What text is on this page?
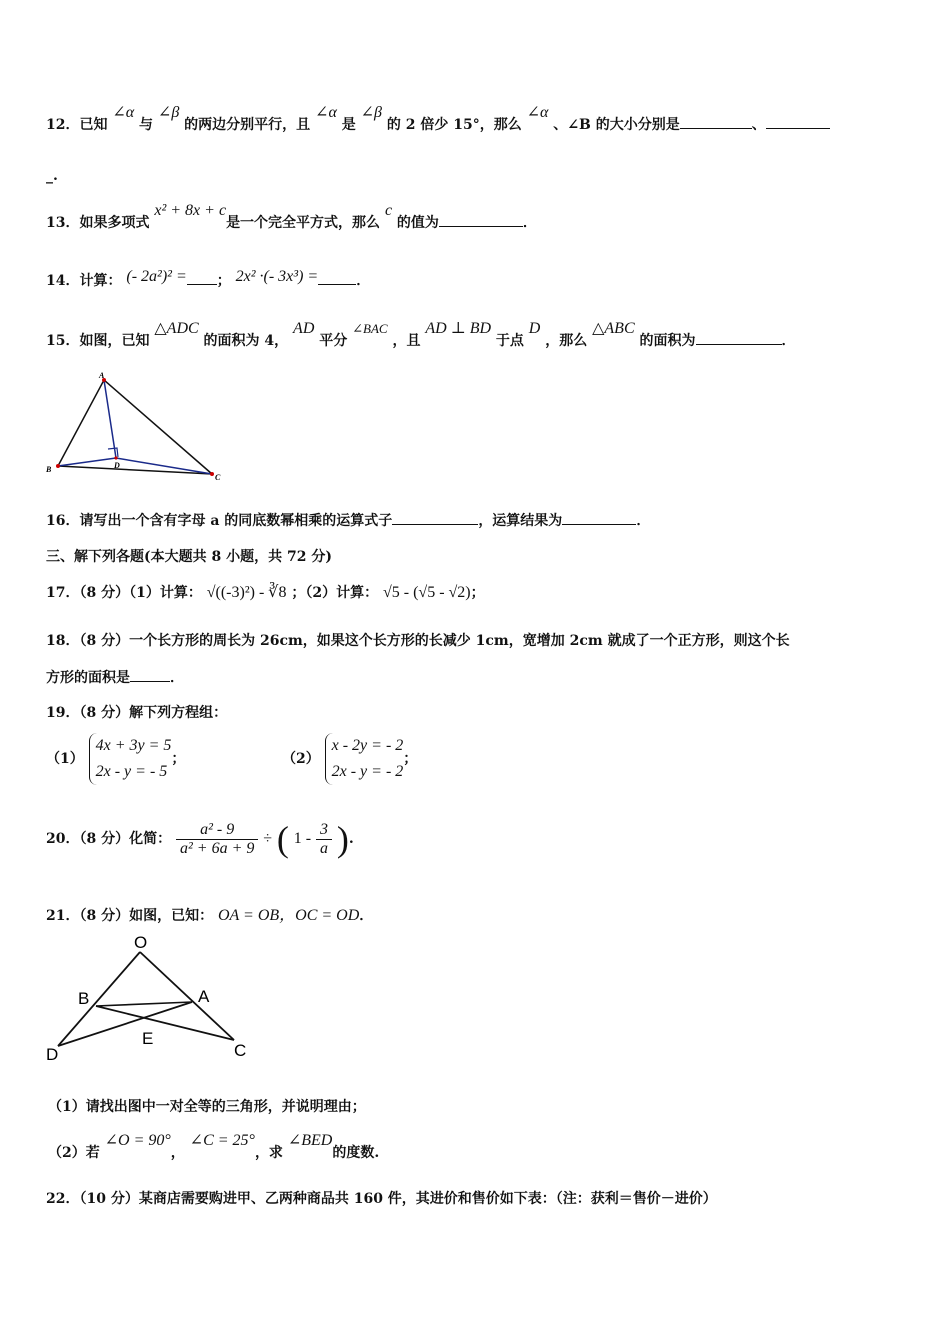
12．已知 ∠α 与 ∠β 的两边分别平行，且 ∠α 是 ∠β 的 2 倍少 15°，那么 ∠α 、∠B 的大小分别是	、
_.
13．如果多项式 x² + 8x + c是一个完全平方式，那么 c 的值为	．
14．计算： (- 2a²)² = ； 2x² ·(- 3x³) =	．
15．如图，已知 △ADC 的面积为 4， AD 平分 ∠BAC ，且 AD ⊥ BD 于点 D ，那么 △ABC 的面积为	．
A
B
C
D
16．请写出一个含有字母 a 的同底数幂相乘的运算式子	，运算结果为	．
三、解下列各题(本大题共 8 小题，共 72 分)
17．（8 分）（1）计算： √((-3)²) - ∛8 ；（2）计算： √5 - (√5 - √2)；
18．（8 分）一个长方形的周长为 26cm，如果这个长方形的长减少 1cm，宽增加 2cm 就成了一个正方形，则这个长
方形的面积是	．
19．（8 分）解下列方程组：
（1） 4x + 3y = 5
2x - y = - 5；	（2） x - 2y = - 2
2x - y = - 2；
20．（8 分）化简： $\frac{\text{a² - 9}}{\text{a² + 6a + 9}}$ ÷ ( $1 - \frac{3}{a}$ ).
21．（8 分）如图，已知： OA = OB，OC = OD．
O
B	A
E
D	C
（1）请找出图中一对全等的三角形，并说明理由；
（2）若 ∠O = 90°， ∠C = 25°，求 ∠BED的度数.
22．（10 分）某商店需要购进甲、乙两种商品共 160 件，其进价和售价如下表：（注：获利＝售价－进价）
